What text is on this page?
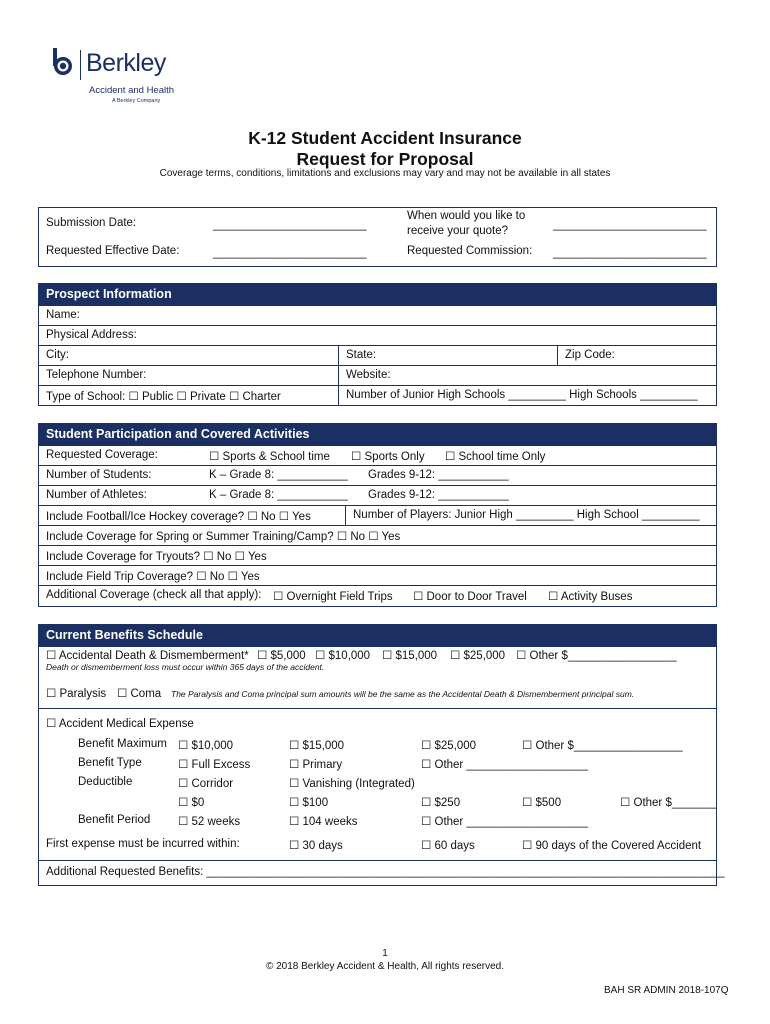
Berkley
Accident and Health
A Berkley Company
K-12 Student Accident Insurance
Request for Proposal
Coverage terms, conditions, limitations and exclusions may vary and may not be available in all states
Submission Date:	________________________
When would you like to
receive your quote?	________________________
Requested Effective Date:	________________________	Requested Commission: ________________________
Prospect Information
Name:
Physical Address:
City:	State:	Zip Code:
Telephone Number:	Website:
Type of School: ☐ Public ☐ Private ☐ Charter	Number of Junior High Schools _________ High Schools _________
Student Participation and Covered Activities
Requested Coverage:	☐ Sports & School time ☐ Sports Only ☐ School time Only
Number of Students:	K – Grade 8: ___________ Grades 9-12: ___________
Number of Athletes:	K – Grade 8: ___________ Grades 9-12: ___________
Include Football/Ice Hockey coverage? ☐ No ☐ Yes	Number of Players: Junior High _________ High School _________
Include Coverage for Spring or Summer Training/Camp? ☐ No ☐ Yes
Include Coverage for Tryouts? ☐ No ☐ Yes
Include Field Trip Coverage? ☐ No ☐ Yes
Additional Coverage (check all that apply): ☐ Overnight Field Trips ☐ Door to Door Travel ☐ Activity Buses
Current Benefits Schedule
☐ Accidental Death & Dismemberment* ☐ $5,000 ☐ $10,000 ☐ $15,000 ☐ $25,000
Death or dismemberment loss must occur within 365 days of the accident.
☐ Other $_________________
☐ Paralysis ☐ Coma The Paralysis and Coma principal sum amounts will be the same as the Accidental Death & Dismemberment principal sum.
☐ Accident Medical Expense
Benefit Maximum ☐ $10,000	☐ $15,000	☐ $25,000	☐ Other $_________________
Benefit Type	☐ Full Excess	☐ Primary	☐ Other ___________________
Deductible	☐ Corridor	☐ Vanishing (Integrated)
☐ $0	☐ $100	☐ $250	☐ $500	☐ Other $_______
Benefit Period ☐ 52 weeks	☐ 104 weeks	☐ Other ___________________
First expense must be incurred within:	☐ 30 days	☐ 60 days	☐ 90 days of the Covered Accident
Additional Requested Benefits: _________________________________________________________________________________
1
© 2018 Berkley Accident & Health, All rights reserved.
BAH SR ADMIN 2018-107Q
